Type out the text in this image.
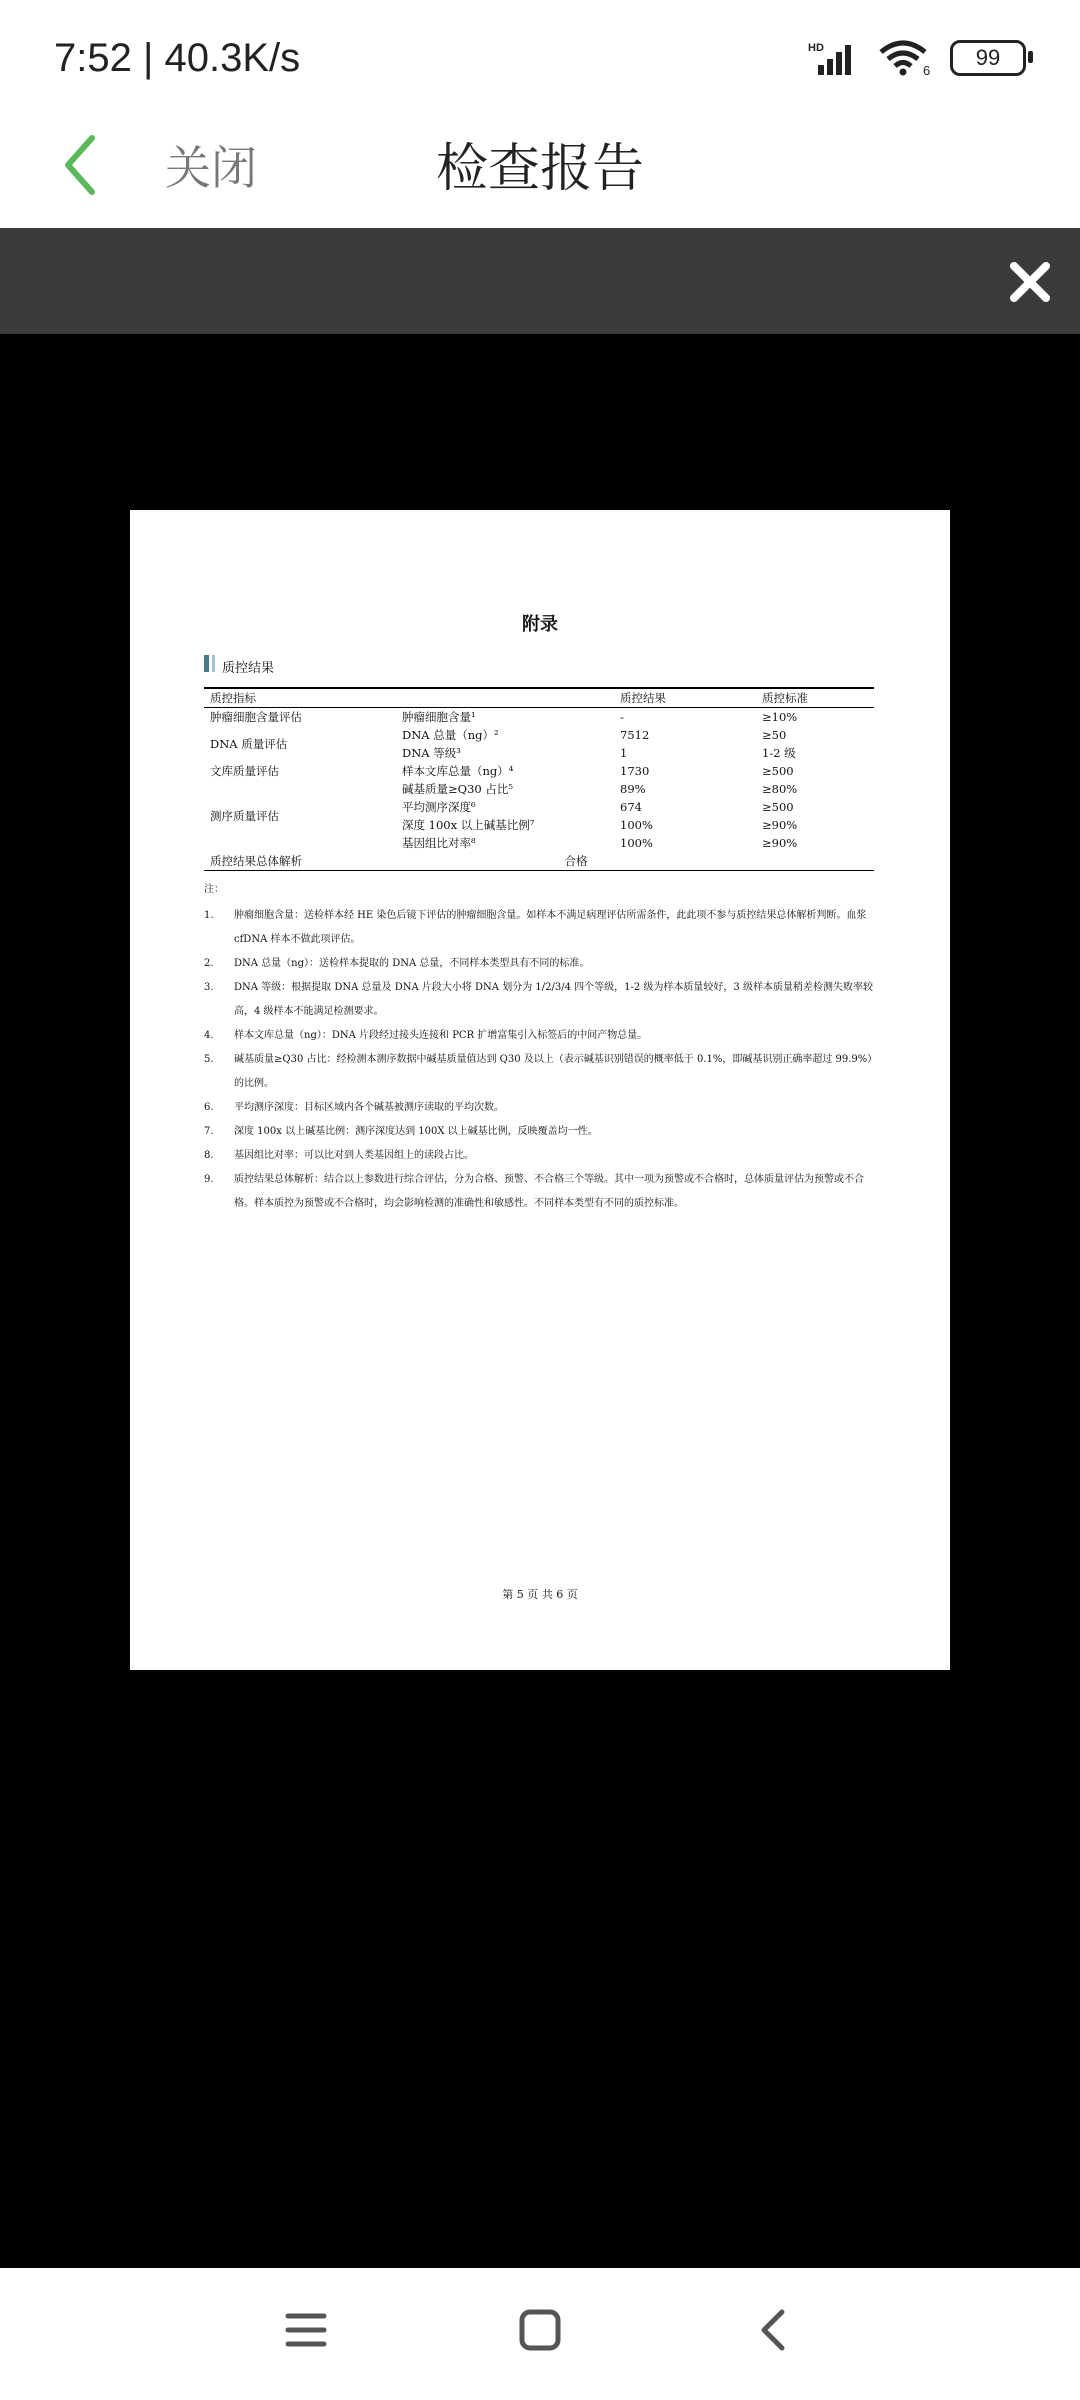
7:52 | 40.3K/s	HD
6
99
关闭	检查报告
附录
质控结果
质控指标		质控结果	质控标准
肿瘤细胞含量评估	肿瘤细胞含量¹	-	≥10%
DNA 质量评估	DNA 总量（ng）²	7512	≥50
	DNA 等级³	1	1-2 级
文库质量评估	样本文库总量（ng）⁴	1730	≥500
测序质量评估	碱基质量≥Q30 占比⁵	89%	≥80%
	平均测序深度⁶	674	≥500
	深度 100x 以上碱基比例⁷	100%	≥90%
	基因组比对率⁸	100%	≥90%
质控结果总体解析	合格		
注：
1.	肿瘤细胞含量：送检样本经 HE 染色后镜下评估的肿瘤细胞含量。如样本不满足病理评估所需条件，此此项不参与质控结果总体解析判断。血浆 cfDNA 样本不做此项评估。
2.	DNA 总量（ng）：送检样本提取的 DNA 总量，不同样本类型具有不同的标准。
3.	DNA 等级：根据提取 DNA 总量及 DNA 片段大小将 DNA 划分为 1/2/3/4 四个等级，1-2 级为样本质量较好，3 级样本质量稍差检测失败率较高，4 级样本不能满足检测要求。
4.	样本文库总量（ng）：DNA 片段经过接头连接和 PCR 扩增富集引入标签后的中间产物总量。
5.	碱基质量≥Q30 占比：经检测本测序数据中碱基质量值达到 Q30 及以上（表示碱基识别错误的概率低于 0.1%，即碱基识别正确率超过 99.9%）的比例。
6.	平均测序深度：目标区域内各个碱基被测序读取的平均次数。
7.	深度 100x 以上碱基比例：测序深度达到 100X 以上碱基比例，反映覆盖均一性。
8.	基因组比对率：可以比对到人类基因组上的读段占比。
9.	质控结果总体解析：结合以上参数进行综合评估，分为合格、预警、不合格三个等级。其中一项为预警或不合格时，总体质量评估为预警或不合格。样本质控为预警或不合格时，均会影响检测的准确性和敏感性。不同样本类型有不同的质控标准。
第 5 页 共 6 页
